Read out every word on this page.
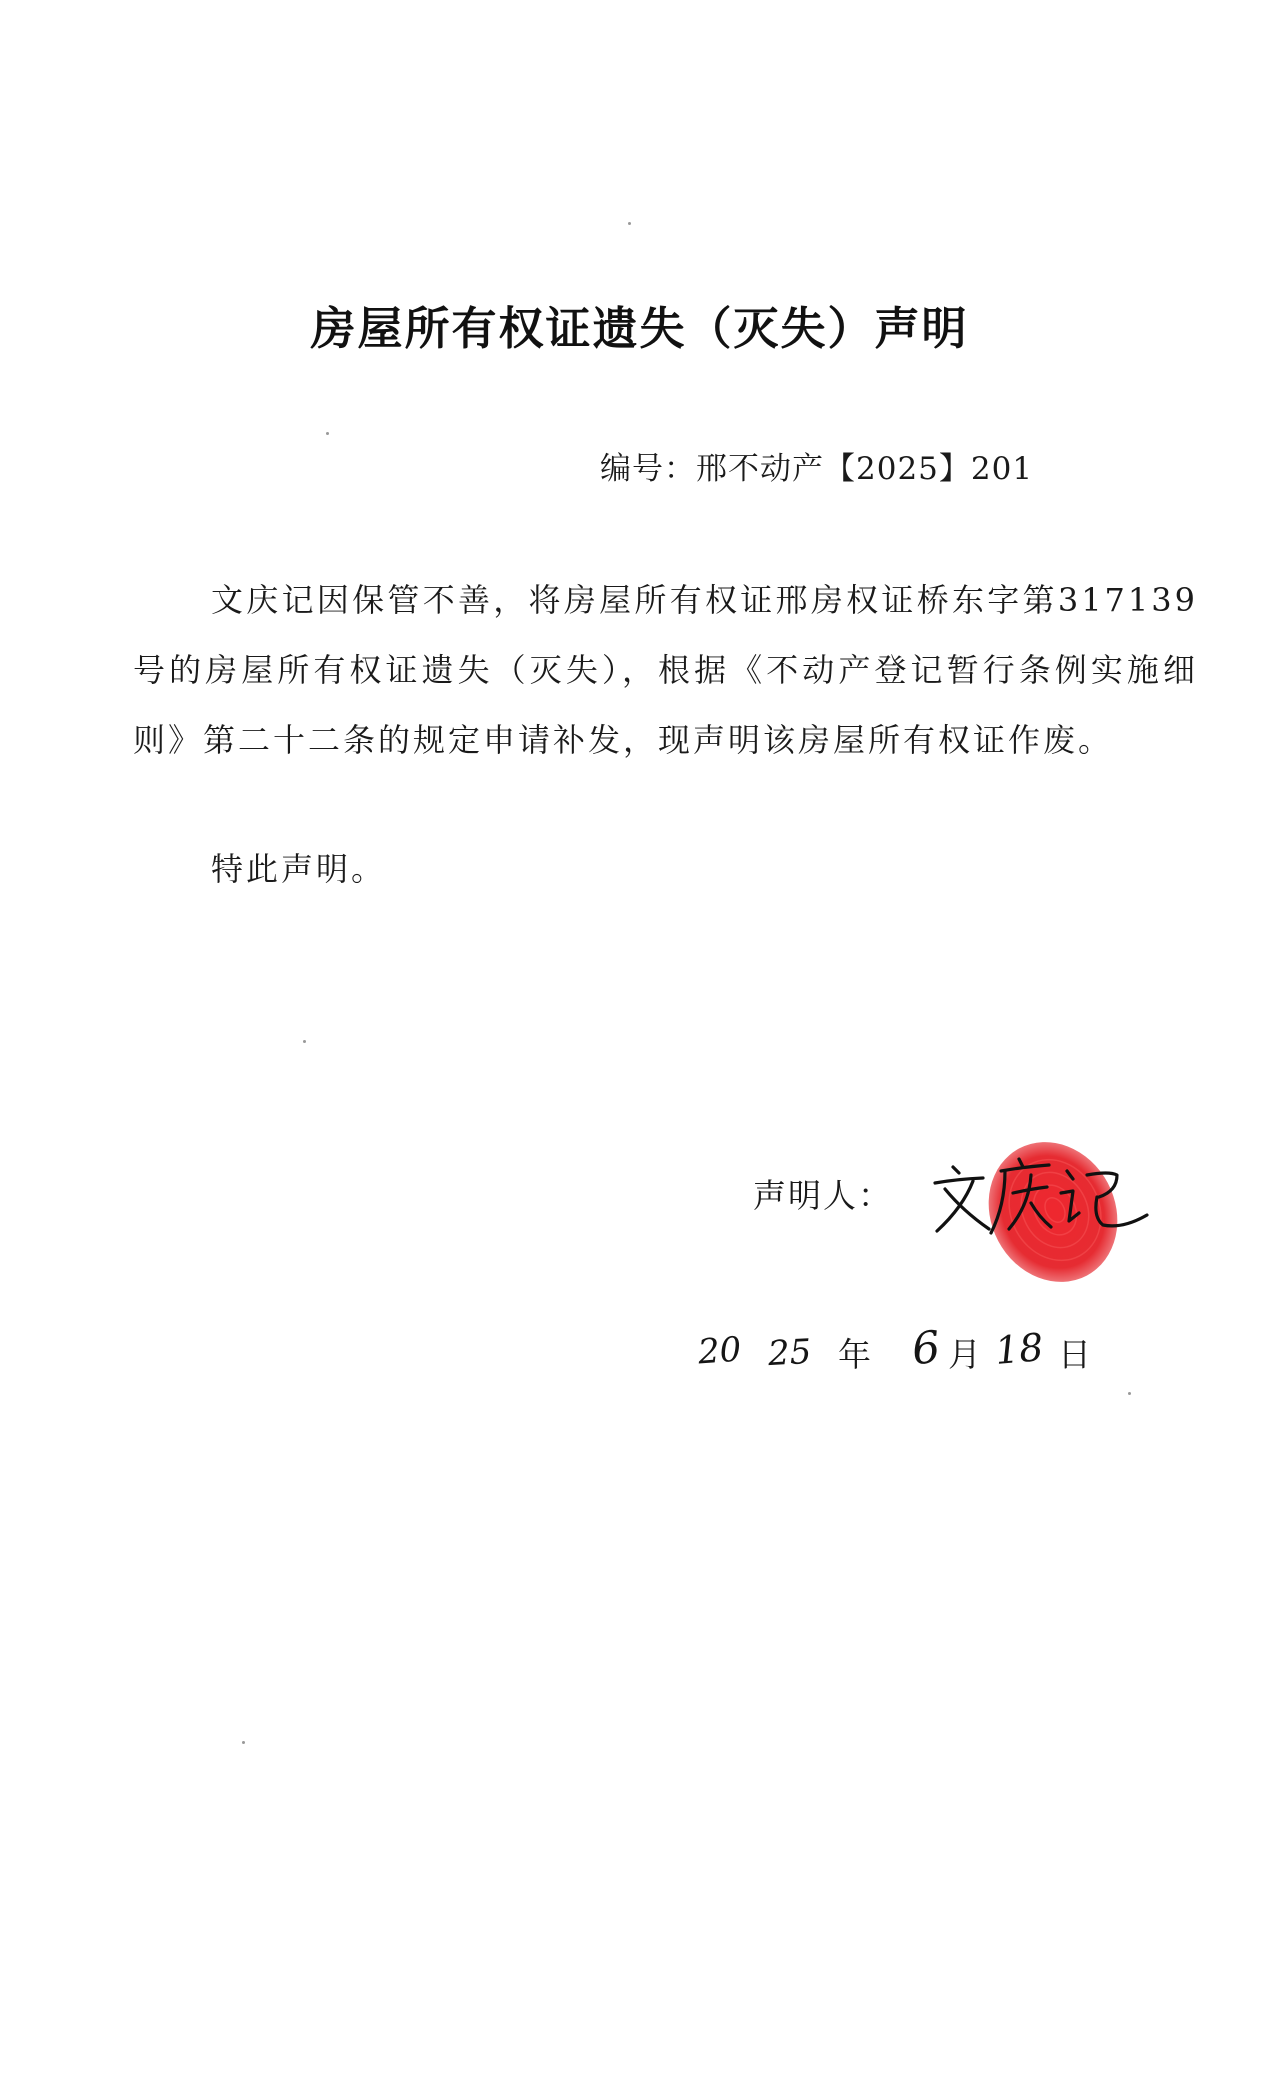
房屋所有权证遗失（灭失）声明
编号：邢不动产【2025】201
文庆记因保管不善，将房屋所有权证邢房权证桥东字第317139号的房屋所有权证遗失（灭失），根据《不动产登记暂行条例实施细则》第二十二条的规定申请补发，现声明该房屋所有权证作废。
特此声明。
声明人：
20 25 年 6 月 18 日
